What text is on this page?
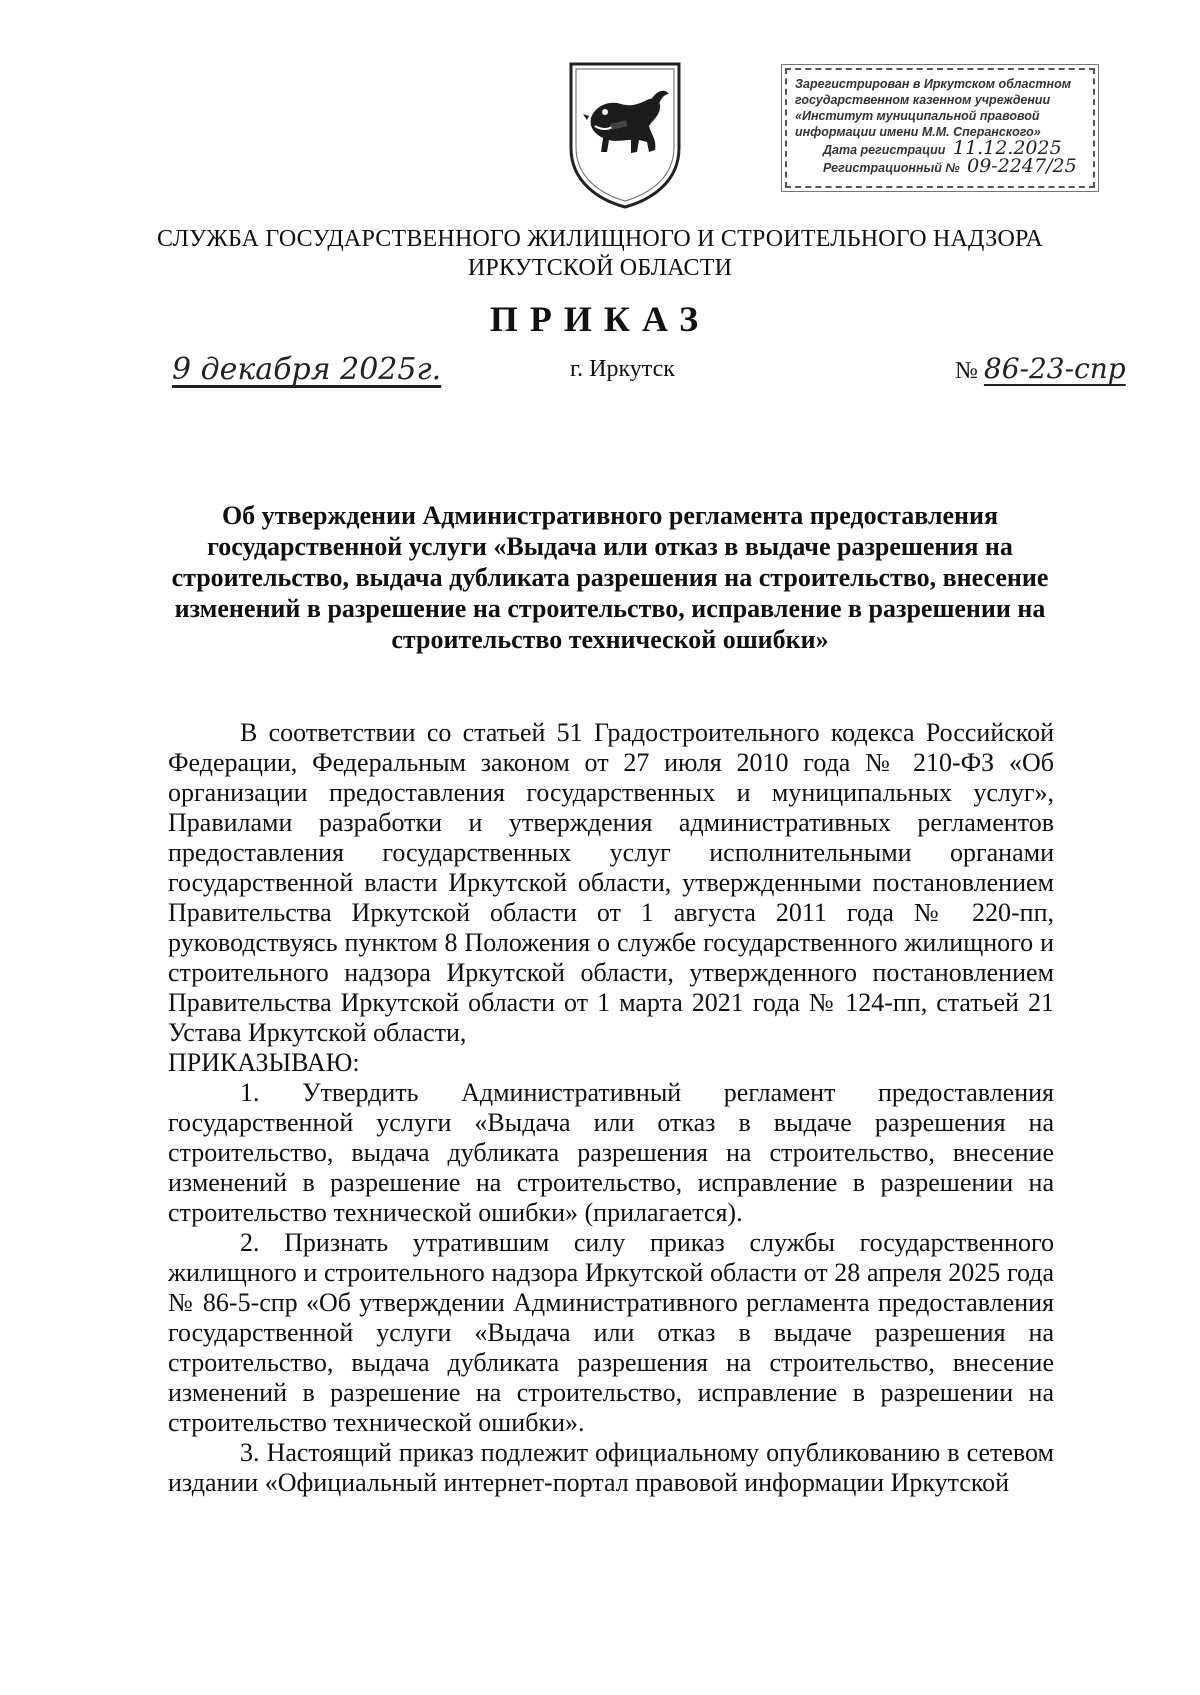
Зарегистрирован в Иркутском областном
государственном казенном учреждении
«Институт муниципальной правовой
информации имени М.М. Сперанского»
Дата регистрации 11.12.2025
Регистрационный № 09-2247/25
СЛУЖБА ГОСУДАРСТВЕННОГО ЖИЛИЩНОГО И СТРОИТЕЛЬНОГО НАДЗОРА
ИРКУТСКОЙ ОБЛАСТИ
ПРИКАЗ
9 декабря 2025г.	г. Иркутск	№ 86-23-спр
Об утверждении Административного регламента предоставления государственной услуги «Выдача или отказ в выдаче разрешения на строительство, выдача дубликата разрешения на строительство, внесение изменений в разрешение на строительство, исправление в разрешении на строительство технической ошибки»

В соответствии со статьей 51 Градостроительного кодекса Российской Федерации, Федеральным законом от 27 июля 2010 года № 210-ФЗ «Об организации предоставления государственных и муниципальных услуг», Правилами разработки и утверждения административных регламентов предоставления государственных услуг исполнительными органами государственной власти Иркутской области, утвержденными постановлением Правительства Иркутской области от 1 августа 2011 года № 220-пп, руководствуясь пунктом 8 Положения о службе государственного жилищного и строительного надзора Иркутской области, утвержденного постановлением Правительства Иркутской области от 1 марта 2021 года № 124-пп, статьей 21 Устава Иркутской области,

ПРИКАЗЫВАЮ:

1. Утвердить Административный регламент предоставления государственной услуги «Выдача или отказ в выдаче разрешения на строительство, выдача дубликата разрешения на строительство, внесение изменений в разрешение на строительство, исправление в разрешении на строительство технической ошибки» (прилагается).

2. Признать утратившим силу приказ службы государственного жилищного и строительного надзора Иркутской области от 28 апреля 2025 года № 86-5-спр «Об утверждении Административного регламента предоставления государственной услуги «Выдача или отказ в выдаче разрешения на строительство, выдача дубликата разрешения на строительство, внесение изменений в разрешение на строительство, исправление в разрешении на строительство технической ошибки».

3. Настоящий приказ подлежит официальному опубликованию в сетевом издании «Официальный интернет-портал правовой информации Иркутской
